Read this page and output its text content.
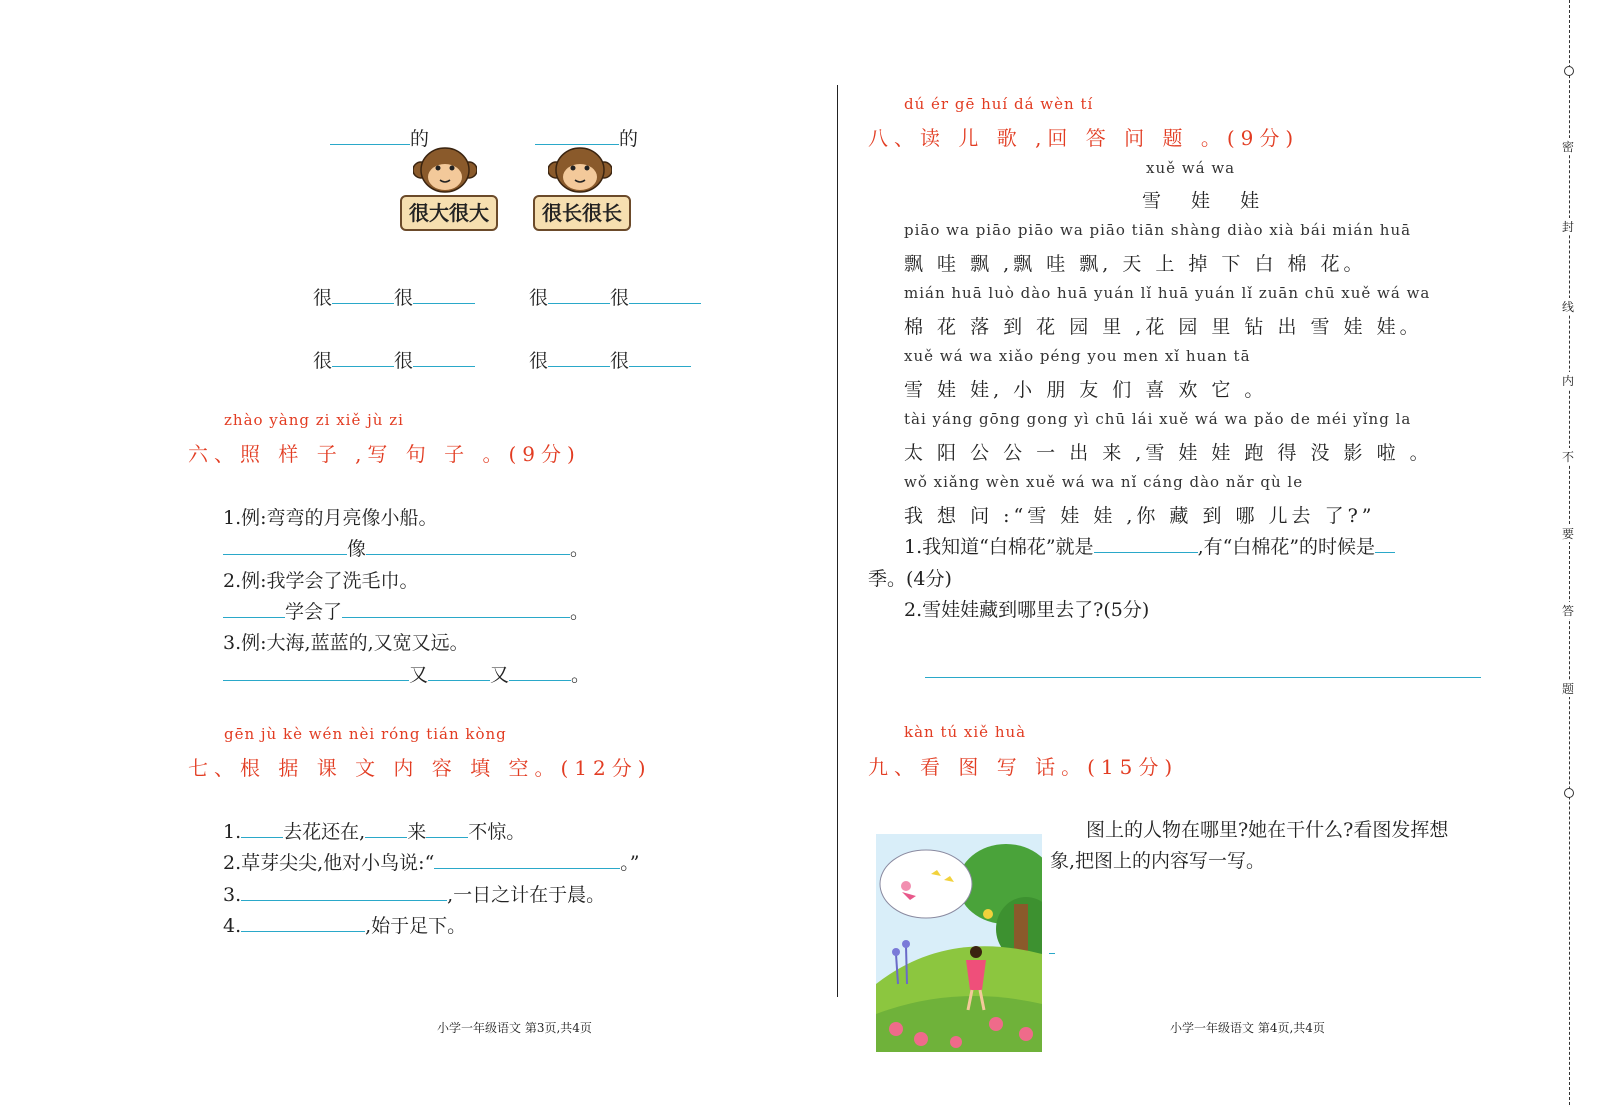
的	的
很大很大	很长很长
很	很	很	很
很	很	很	很
zhào yàng zi xiě jù zi
六、照 样 子 ,写 句 子 。(9分)
1.例:弯弯的月亮像小船。
像	。
2.例:我学会了洗毛巾。
学会了	。
3.例:大海,蓝蓝的,又宽又远。
又	又	。
gēn jù kè wén nèi róng tián kòng
七、根 据 课 文 内 容 填 空。(12分)
1. 去花还在, 来 不惊。
2.草芽尖尖,他对小鸟说:“	。”
3.	,一日之计在于晨。
4.	,始于足下。
小学一年级语文 第3页,共4页
dú ér gē huí dá wèn tí
八、读 儿 歌 ,回 答 问 题 。(9分)
xuě wá wa
雪 娃 娃
piāo wa piāo piāo wa piāo tiān shàng diào xià bái mián huā
飘 哇 飘 ,飘 哇 飘, 天 上 掉 下 白 棉 花。
mián huā luò dào huā yuán lǐ huā yuán lǐ zuān chū xuě wá wa
棉 花 落 到 花 园 里 ,花 园 里 钻 出 雪 娃 娃。
xuě wá wa xiǎo péng you men xǐ huan tā
雪 娃 娃, 小 朋 友 们 喜 欢 它 。
tài yáng gōng gong yì chū lái xuě wá wa pǎo de méi yǐng la
太 阳 公 公 一 出 来 ,雪 娃 娃 跑 得 没 影 啦 。
wǒ xiǎng wèn xuě wá wa nǐ cáng dào nǎr qù le
我 想 问 :“雪 娃 娃 ,你 藏 到 哪 儿去 了?”
1.我知道“白棉花”就是	,有“白棉花”的时候是
季。(4分)
2.雪娃娃藏到哪里去了?(5分)
kàn tú xiě huà
九、看 图 写 话。(15分)
图上的人物在哪里?她在干什么?看图发挥想
象,把图上的内容写一写。
小学一年级语文 第4页,共4页
密
封
线
内
不
要
答
题
